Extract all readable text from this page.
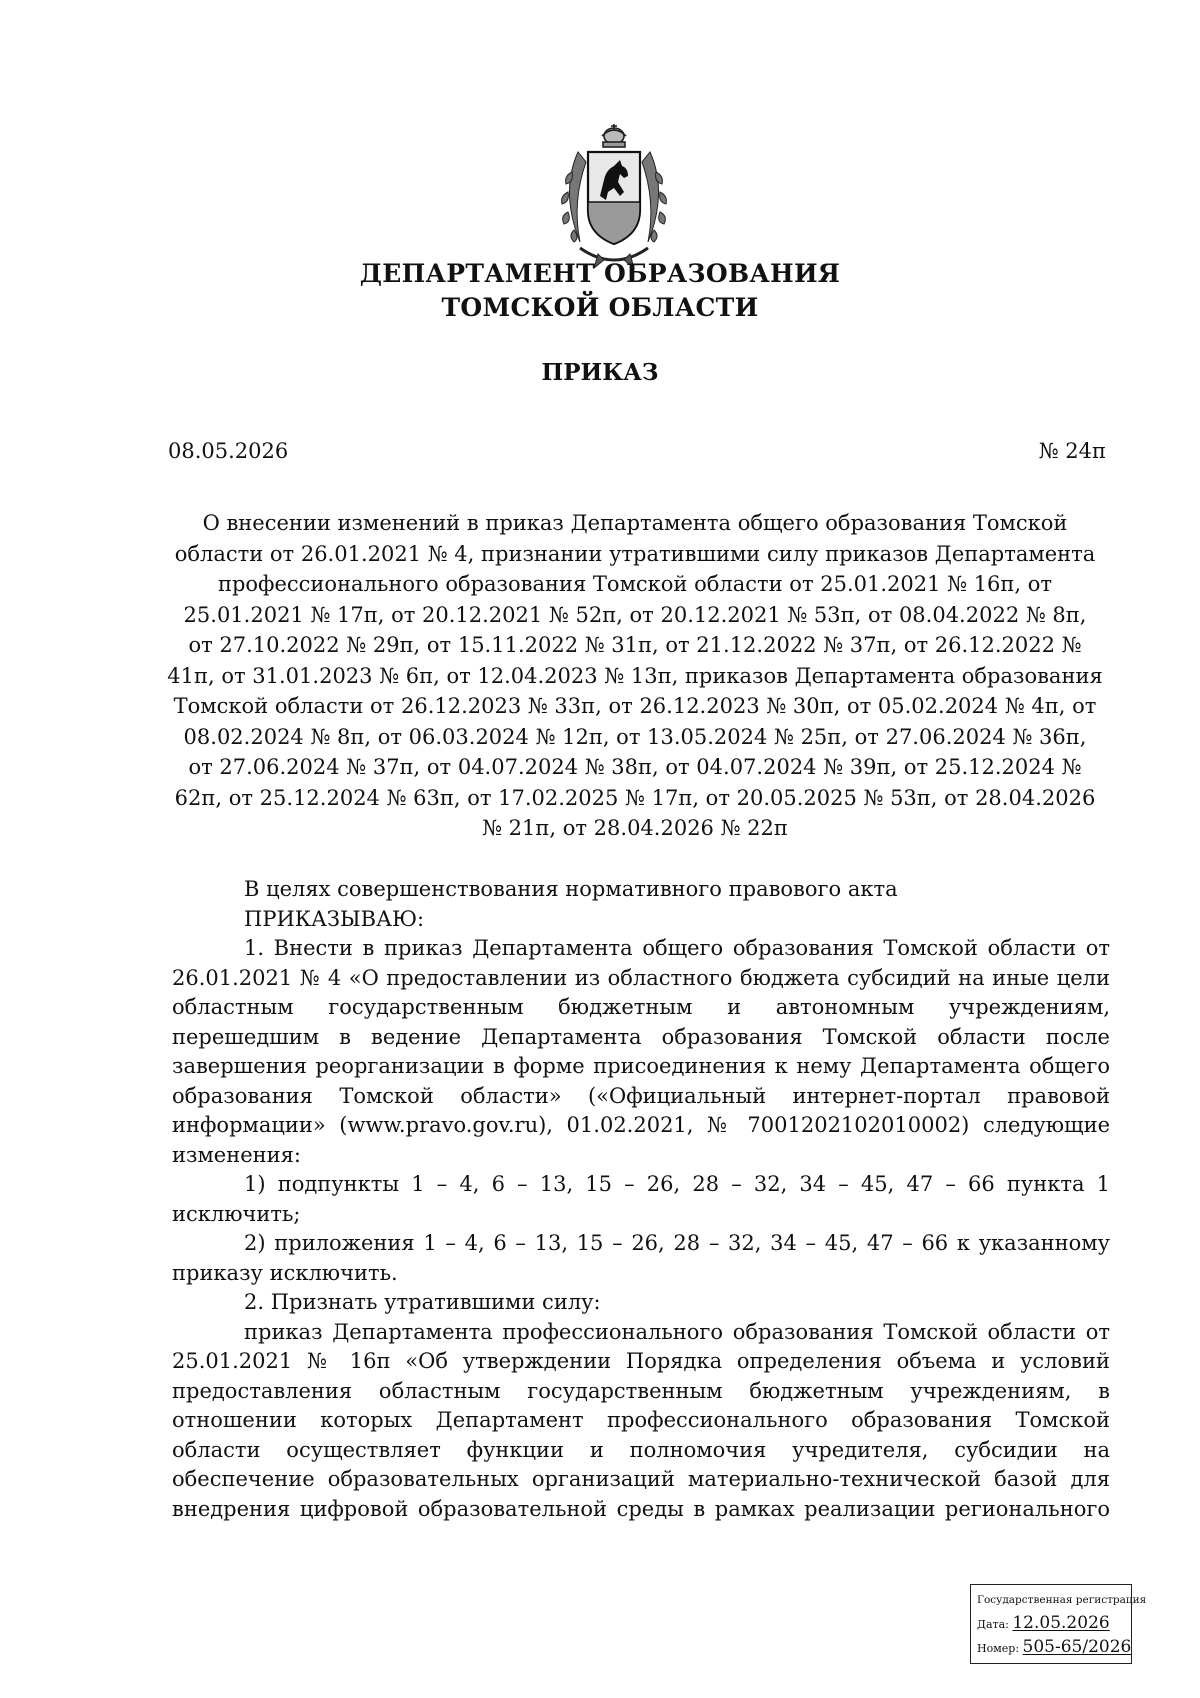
ДЕПАРТАМЕНТ ОБРАЗОВАНИЯ
ТОМСКОЙ ОБЛАСТИ
ПРИКАЗ
08.05.2026	№ 24п
О внесении изменений в приказ Департамента общего образования Томской
области от 26.01.2021 № 4, признании утратившими силу приказов Департамента
профессионального образования Томской области от 25.01.2021 № 16п, от
25.01.2021 № 17п, от 20.12.2021 № 52п, от 20.12.2021 № 53п, от 08.04.2022 № 8п,
от 27.10.2022 № 29п, от 15.11.2022 № 31п, от 21.12.2022 № 37п, от 26.12.2022 №
41п, от 31.01.2023 № 6п, от 12.04.2023 № 13п, приказов Департамента образования
Томской области от 26.12.2023 № 33п, от 26.12.2023 № 30п, от 05.02.2024 № 4п, от
08.02.2024 № 8п, от 06.03.2024 № 12п, от 13.05.2024 № 25п, от 27.06.2024 № 36п,
от 27.06.2024 № 37п, от 04.07.2024 № 38п, от 04.07.2024 № 39п, от 25.12.2024 №
62п, от 25.12.2024 № 63п, от 17.02.2025 № 17п, от 20.05.2025 № 53п, от 28.04.2026
№ 21п, от 28.04.2026 № 22п
В целях совершенствования нормативного правового акта
ПРИКАЗЫВАЮ:
1. Внести в приказ Департамента общего образования Томской области от
26.01.2021 № 4 «О предоставлении из областного бюджета субсидий на иные цели
областным государственным бюджетным и автономным учреждениям,
перешедшим в ведение Департамента образования Томской области после
завершения реорганизации в форме присоединения к нему Департамента общего
образования Томской области» («Официальный интернет-портал правовой
информации» (www.pravo.gov.ru), 01.02.2021, № 7001202102010002) следующие
изменения:
1) подпункты 1 – 4, 6 – 13, 15 – 26, 28 – 32, 34 – 45, 47 – 66 пункта 1
исключить;
2) приложения 1 – 4, 6 – 13, 15 – 26, 28 – 32, 34 – 45, 47 – 66 к указанному
приказу исключить.
2. Признать утратившими силу:
приказ Департамента профессионального образования Томской области от
25.01.2021 № 16п «Об утверждении Порядка определения объема и условий
предоставления областным государственным бюджетным учреждениям, в
отношении которых Департамент профессионального образования Томской
области осуществляет функции и полномочия учредителя, субсидии на
обеспечение образовательных организаций материально-технической базой для
внедрения цифровой образовательной среды в рамках реализации регионального
Государственная регистрация
Дата: 12.05.2026
Номер: 505-65/2026
